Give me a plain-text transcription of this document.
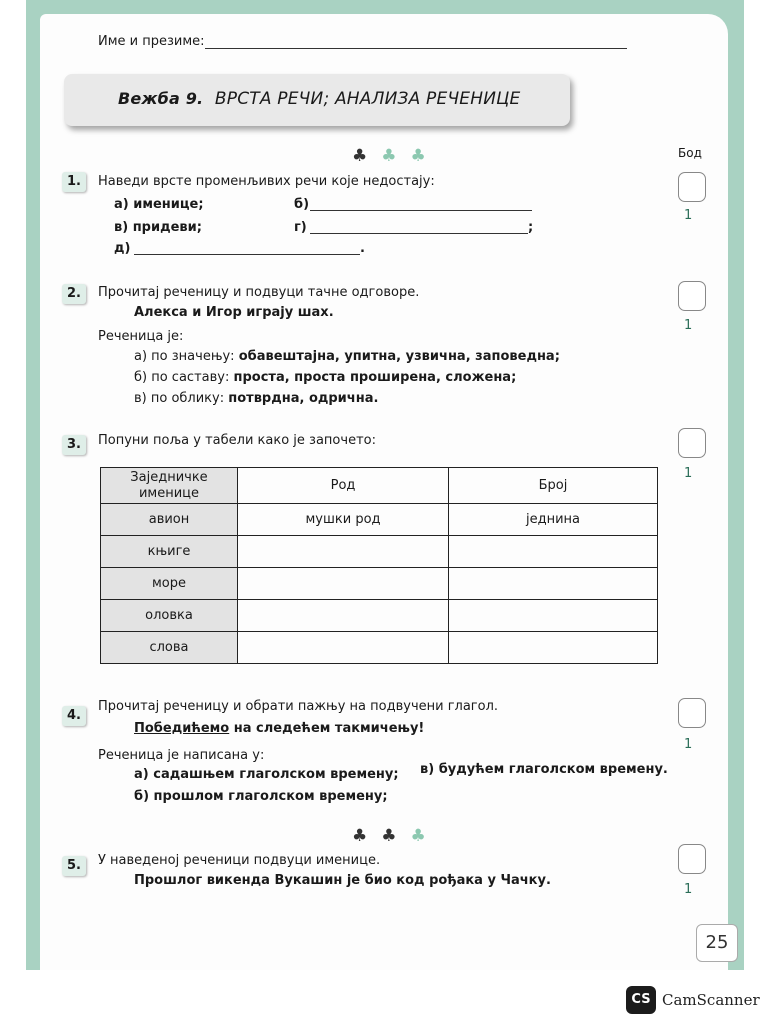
Име и презиме:
Вежба 9. ВРСТА РЕЧИ; АНАЛИЗА РЕЧЕНИЦЕ
♣♣♣	Бод
1.	Наведи врсте променљивих речи које недостају:
а) именице;	б)
в) придеви;	г)	;
д)	.
1
2.	Прочитај реченицу и подвуци тачне одговоре.
Алекса и Игор играју шах.
Реченица је:
а) по значењу: обавештајна, упитна, узвична, заповедна;
б) по саставу: проста, проста проширена, сложена;
в) по облику: потврдна, одрична.
1
3.	Попуни поља у табели како је започето:
Заједничке
именице	Род	Број
авион	мушки род	једнина
књиге		
море		
оловка		
слова		
1
4.
Прочитај реченицу и обрати пажњу на подвучени глагол.
Победићемо на следећем такмичењу!
Реченица је написана у:
а) садашњем глаголском времену; в) будућем глаголском времену.
б) прошлом глаголском времену;
1
♣♣♣
5.	У наведеној реченици подвуци именице.
Прошлог викенда Вукашин је био код рођака у Чачку.
1
25
CS CamScanner
